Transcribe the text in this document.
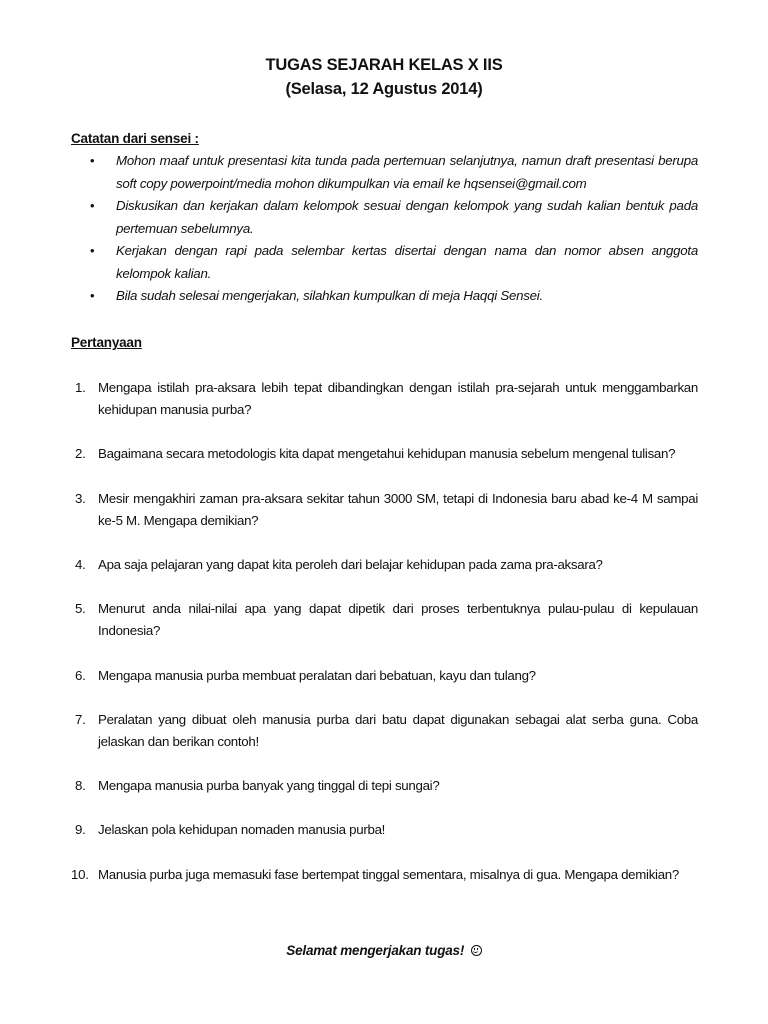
TUGAS SEJARAH KELAS X IIS
(Selasa, 12 Agustus 2014)
Catatan dari sensei :
• Mohon maaf untuk presentasi kita tunda pada pertemuan selanjutnya, namun draft presentasi berupa soft copy powerpoint/media mohon dikumpulkan via email ke hqsensei@gmail.com
• Diskusikan dan kerjakan dalam kelompok sesuai dengan kelompok yang sudah kalian bentuk pada pertemuan sebelumnya.
• Kerjakan dengan rapi pada selembar kertas disertai dengan nama dan nomor absen anggota kelompok kalian.
• Bila sudah selesai mengerjakan, silahkan kumpulkan di meja Haqqi Sensei.
Pertanyaan
1. Mengapa istilah pra-aksara lebih tepat dibandingkan dengan istilah pra-sejarah untuk menggambarkan kehidupan manusia purba?
2. Bagaimana secara metodologis kita dapat mengetahui kehidupan manusia sebelum mengenal tulisan?
3. Mesir mengakhiri zaman pra-aksara sekitar tahun 3000 SM, tetapi di Indonesia baru abad ke-4 M sampai ke-5 M. Mengapa demikian?
4. Apa saja pelajaran yang dapat kita peroleh dari belajar kehidupan pada zama pra-aksara?
5. Menurut anda nilai-nilai apa yang dapat dipetik dari proses terbentuknya pulau-pulau di kepulauan Indonesia?
6. Mengapa manusia purba membuat peralatan dari bebatuan, kayu dan tulang?
7. Peralatan yang dibuat oleh manusia purba dari batu dapat digunakan sebagai alat serba guna. Coba jelaskan dan berikan contoh!
8. Mengapa manusia purba banyak yang tinggal di tepi sungai?
9. Jelaskan pola kehidupan nomaden manusia purba!
10. Manusia purba juga memasuki fase bertempat tinggal sementara, misalnya di gua. Mengapa demikian?
Selamat mengerjakan tugas!
